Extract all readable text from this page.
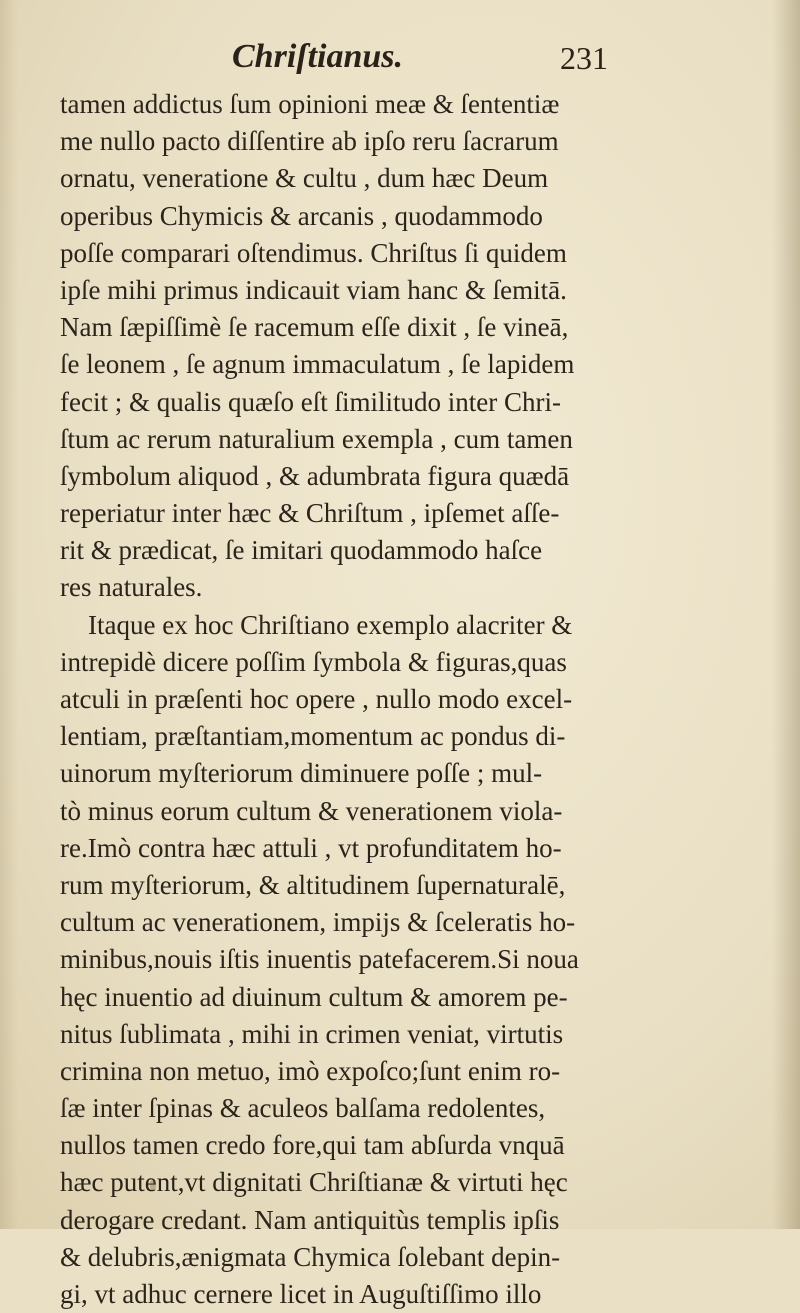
Chriſtianus.	231
tamen addictus ſum opinioni meæ & ſententiæ
me nullo pacto diſſentire ab ipſo reru ſacrarum
ornatu, veneratione & cultu , dum hæc Deum
operibus Chymicis & arcanis , quodammodo
poſſe comparari oſtendimus. Chriſtus ſi quidem
ipſe mihi primus indicauit viam hanc & ſemitā.
Nam ſæpiſſimè ſe racemum eſſe dixit , ſe vineā,
ſe leonem , ſe agnum immaculatum , ſe lapidem
fecit ; & qualis quæſo eſt ſimilitudo inter Chri-
ſtum ac rerum naturalium exempla , cum tamen
ſymbolum aliquod , & adumbrata figura quædā
reperiatur inter hæc & Chriſtum , ipſemet aſſe-
rit & prædicat, ſe imitari quodammodo haſce
res naturales.
Itaque ex hoc Chriſtiano exemplo alacriter &
intrepidè dicere poſſim ſymbola & figuras,quas
atculi in præſenti hoc opere , nullo modo excel-
lentiam, præſtantiam,momentum ac pondus di-
uinorum myſteriorum diminuere poſſe ; mul-
tò minus eorum cultum & venerationem viola-
re.Imò contra hæc attuli , vt profunditatem ho-
rum myſteriorum, & altitudinem ſupernaturalē,
cultum ac venerationem, impijs & ſceleratis ho-
minibus,nouis iſtis inuentis patefacerem.Si noua
hęc inuentio ad diuinum cultum & amorem pe-
nitus ſublimata , mihi in crimen veniat, virtutis
crimina non metuo, imò expoſco;ſunt enim ro-
ſæ inter ſpinas & aculeos balſama redolentes,
nullos tamen credo fore,qui tam abſurda vnquā
hæc putent,vt dignitati Chriſtianæ & virtuti hęc
derogare credant. Nam antiquitùs templis ipſis
& delubris,ænigmata Chymica ſolebant depin-
gi, vt adhuc cernere licet in Auguſtiſſimo illo
